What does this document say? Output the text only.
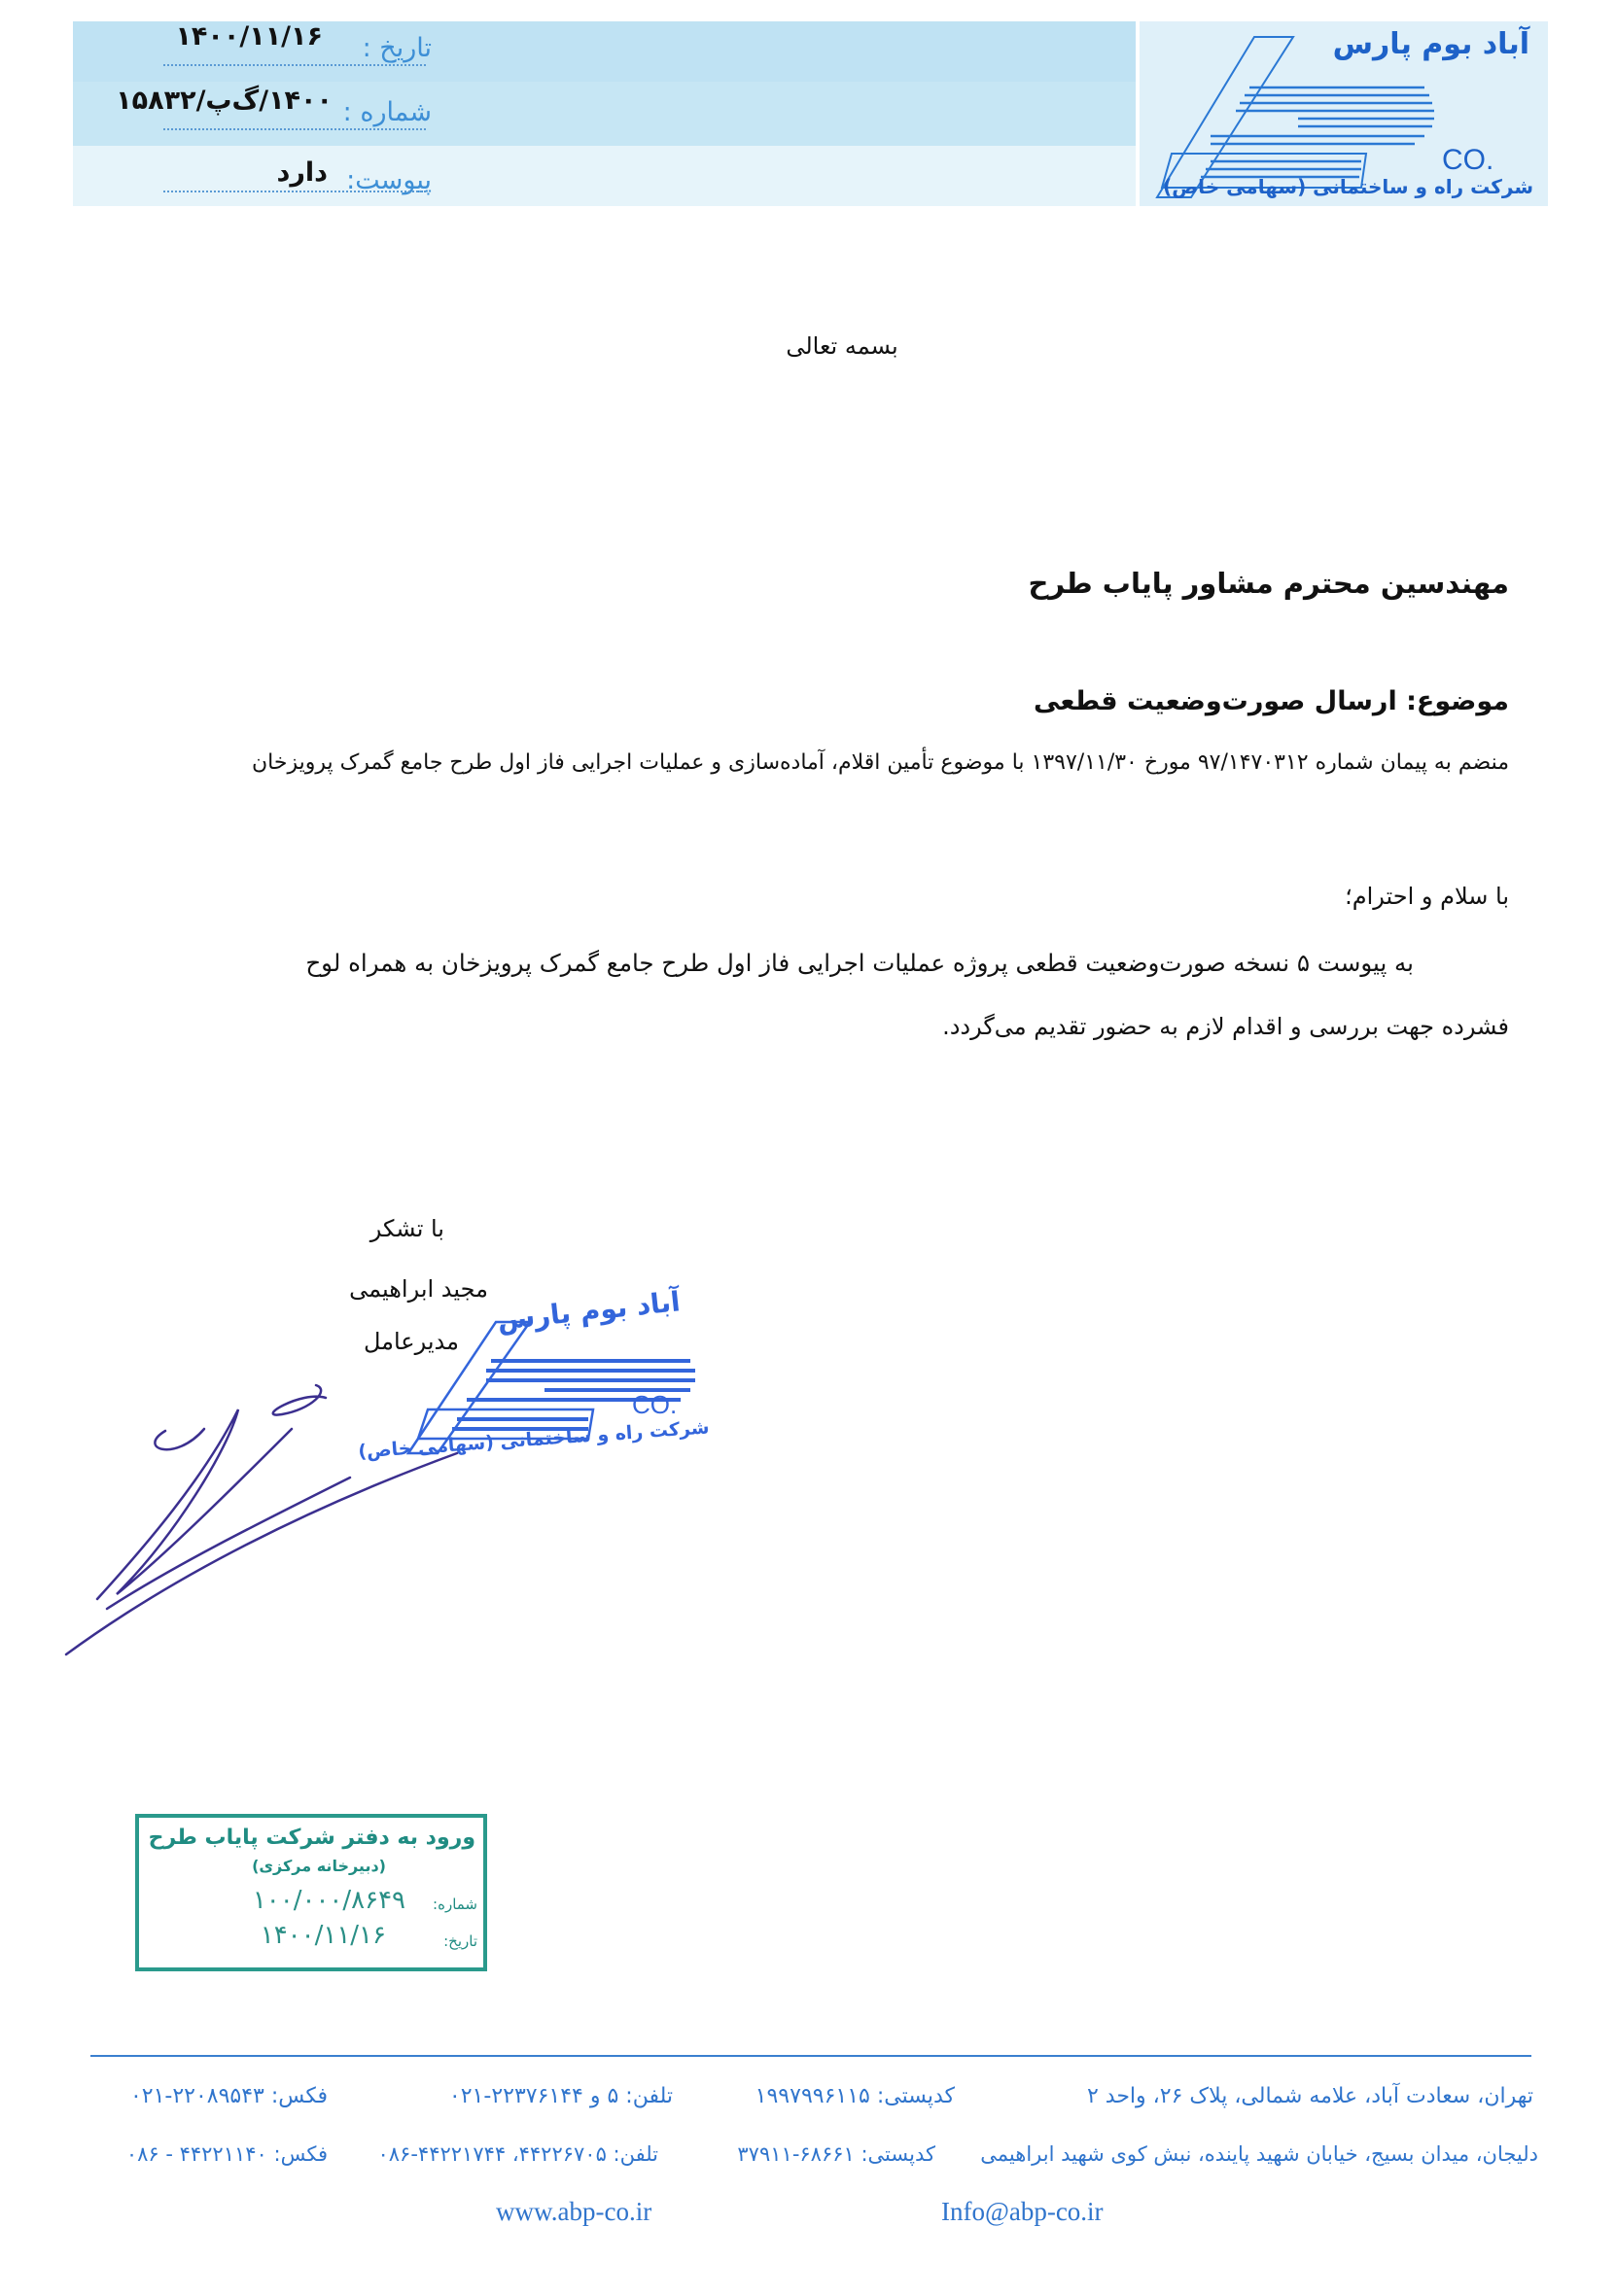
تاریخ :
۱۴۰۰/۱۱/۱۶
شماره :
۱۴۰۰/گ‌پ/۱۵۸۳۲
پیوست:
دارد
آباد بوم پارس
CO.
شرکت راه و ساختمانی (سهامی خاص)
بسمه تعالی
مهندسین محترم مشاور پایاب طرح
موضوع: ارسال صورت‌وضعیت قطعی
منضم به پیمان شماره ۹۷/۱۴۷۰۳۱۲ مورخ ۱۳۹۷/۱۱/۳۰ با موضوع تأمین اقلام، آماده‌سازی و عملیات اجرایی فاز اول طرح جامع گمرک پرویزخان
با سلام و احترام؛
به پیوست ۵ نسخه صورت‌وضعیت قطعی پروژه عملیات اجرایی فاز اول طرح جامع گمرک پرویزخان به همراه لوح
فشرده جهت بررسی و اقدام لازم به حضور تقدیم می‌گردد.
با تشکر
مجید ابراهیمی
مدیرعامل
آباد بوم پارس
CO.
شرکت راه و ساختمانی (سهامی خاص)
ورود به دفتر شرکت پایاب طرح
(دبیرخانه مرکزی)
شماره:
۱۰۰/۰۰۰/۸۶۴۹
تاریخ:
۱۴۰۰/۱۱/۱۶
تهران، سعادت آباد، علامه شمالی، پلاک ۲۶، واحد ۲
کدپستی: ۱۹۹۷۹۹۶۱۱۵
تلفن: ۵ و ۲۲۳۷۶۱۴۴-۰۲۱
فکس: ۲۲۰۸۹۵۴۳-۰۲۱
دلیجان، میدان بسیج، خیابان شهید پاینده، نبش کوی شهید ابراهیمی
کدپستی: ۶۸۶۶۱-۳۷۹۱۱
تلفن: ۴۴۲۲۶۷۰۵، ۴۴۲۲۱۷۴۴-۰۸۶
فکس: ۴۴۲۲۱۱۴۰ - ۰۸۶
www.abp-co.ir	Info@abp-co.ir
